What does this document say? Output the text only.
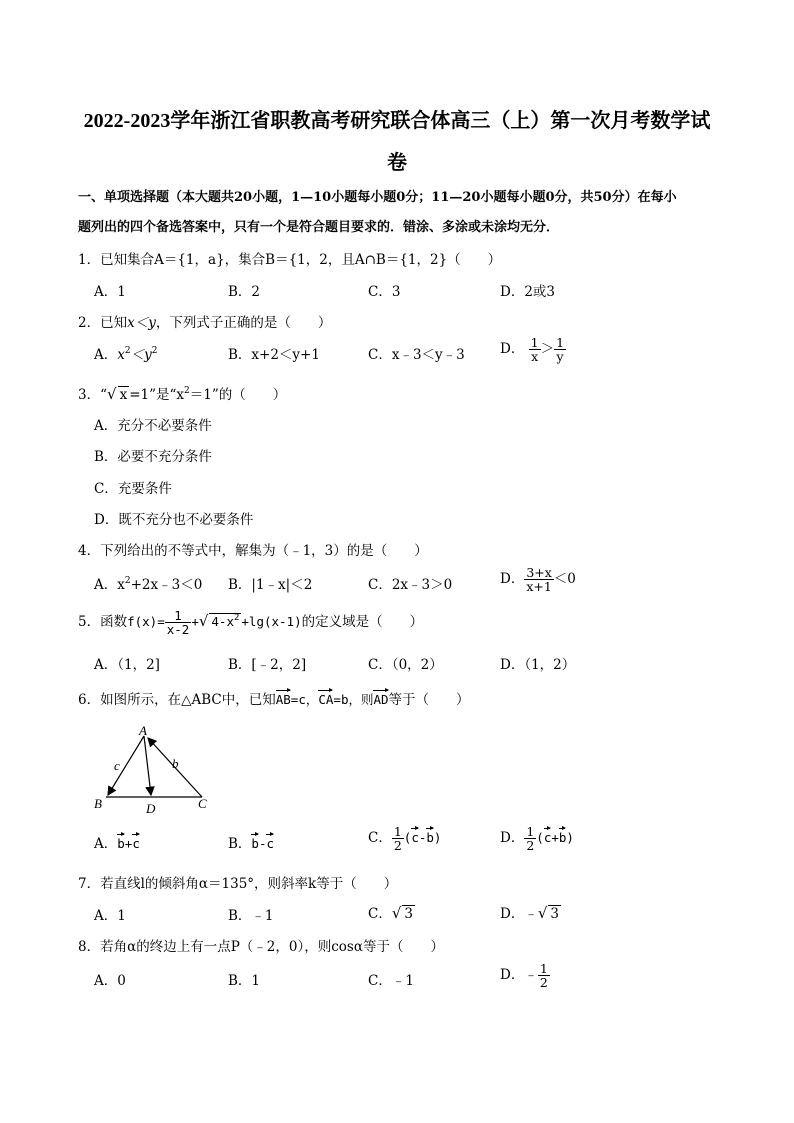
2022-2023学年浙江省职教高考研究联合体高三（上）第一次月考数学试
卷
一、单项选择题（本大题共20小题，1—10小题每小题0分；11—20小题每小题0分，共50分）在每小
题列出的四个备选答案中，只有一个是符合题目要求的．错涂、多涂或未涂均无分．
1．已知集合A＝{1，a}，集合B＝{1，2，且A∩B＝{1，2}（　　）
A．1	B．2	C．3	D．2或3
2．已知x＜y，下列式子正确的是（　　）
A．$x^2<y^2$	B．x+2＜y+1	C．x﹣3＜y﹣3	D． $\frac{1}{x} > \frac{1}{y}$
3．“√ x =1”是“$x^2=1$”的（　　）
A．充分不必要条件
B．必要不充分条件
C．充要条件
D．既不充分也不必要条件
4．下列给出的不等式中，解集为（﹣1，3）的是（　　）
A．$x^2+2x﹣3<0$ B．|1﹣x|＜2	C．2x﹣3＞0	D． $\frac{3+x}{x+1} <0$
5．函数$f(x)= \frac{1}{x-2}$ +√ $4-x^2 +\lg(x-1)$的定义域是（　　）
A．（1，2]	B．[﹣2，2]	C．（0，2）	D．（1，2）
6．如图所示，在△ABC中，已知AB=c，CA=b，则AD等于（　　）
A
B	C
D
b
c
A．b+c	B．b-c	C． $\frac{1}{2} (c-b)$	D． $\frac{1}{2} (c+b)$
7．若直线l的倾斜角α＝135°，则斜率k等于（　　）
A．1	B．﹣1	C．√ 3	D．﹣√ 3
8．若角α的终边上有一点P（﹣2，0），则cosα等于（　　）
A．0	B．1	C．﹣1	D．﹣ $\frac{1}{2}$
